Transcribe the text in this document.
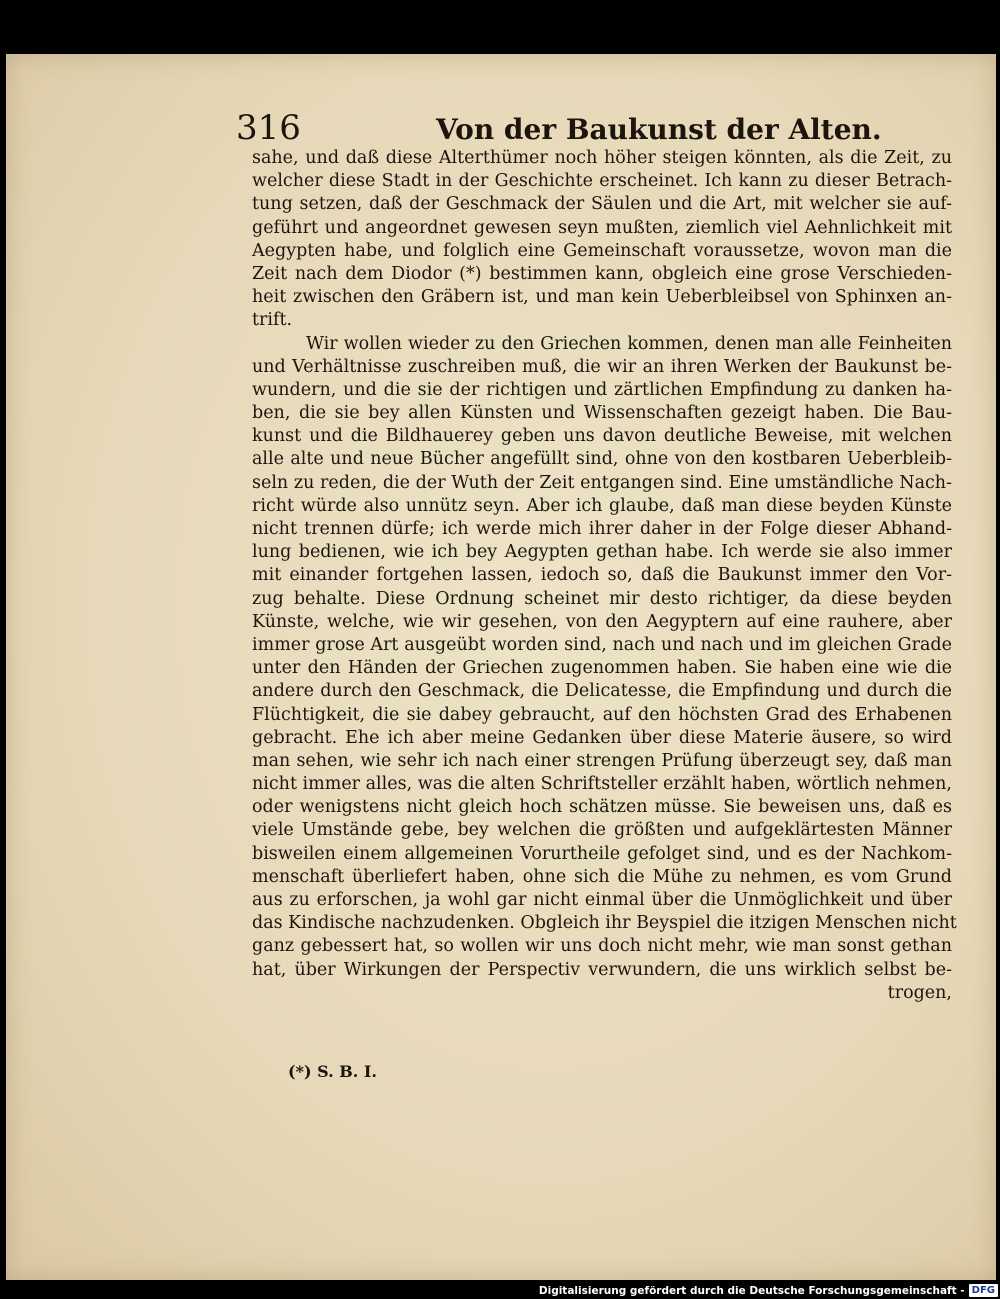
316	Von der Baukunst der Alten.
sahe, und daß diese Alterthümer noch höher steigen könnten, als die Zeit, zu
welcher diese Stadt in der Geschichte erscheinet. Ich kann zu dieser Betrach-
tung setzen, daß der Geschmack der Säulen und die Art, mit welcher sie auf-
geführt und angeordnet gewesen seyn mußten, ziemlich viel Aehnlichkeit mit
Aegypten habe, und folglich eine Gemeinschaft voraussetze, wovon man die
Zeit nach dem Diodor (*) bestimmen kann, obgleich eine grose Verschieden-
heit zwischen den Gräbern ist, und man kein Ueberbleibsel von Sphinxen an-
trift.
Wir wollen wieder zu den Griechen kommen, denen man alle Feinheiten
und Verhältnisse zuschreiben muß, die wir an ihren Werken der Baukunst be-
wundern, und die sie der richtigen und zärtlichen Empfindung zu danken ha-
ben, die sie bey allen Künsten und Wissenschaften gezeigt haben. Die Bau-
kunst und die Bildhauerey geben uns davon deutliche Beweise, mit welchen
alle alte und neue Bücher angefüllt sind, ohne von den kostbaren Ueberbleib-
seln zu reden, die der Wuth der Zeit entgangen sind. Eine umständliche Nach-
richt würde also unnütz seyn. Aber ich glaube, daß man diese beyden Künste
nicht trennen dürfe; ich werde mich ihrer daher in der Folge dieser Abhand-
lung bedienen, wie ich bey Aegypten gethan habe. Ich werde sie also immer
mit einander fortgehen lassen, iedoch so, daß die Baukunst immer den Vor-
zug behalte. Diese Ordnung scheinet mir desto richtiger, da diese beyden
Künste, welche, wie wir gesehen, von den Aegyptern auf eine rauhere, aber
immer grose Art ausgeübt worden sind, nach und nach und im gleichen Grade
unter den Händen der Griechen zugenommen haben. Sie haben eine wie die
andere durch den Geschmack, die Delicatesse, die Empfindung und durch die
Flüchtigkeit, die sie dabey gebraucht, auf den höchsten Grad des Erhabenen
gebracht. Ehe ich aber meine Gedanken über diese Materie äusere, so wird
man sehen, wie sehr ich nach einer strengen Prüfung überzeugt sey, daß man
nicht immer alles, was die alten Schriftsteller erzählt haben, wörtlich nehmen,
oder wenigstens nicht gleich hoch schätzen müsse. Sie beweisen uns, daß es
viele Umstände gebe, bey welchen die größten und aufgeklärtesten Männer
bisweilen einem allgemeinen Vorurtheile gefolget sind, und es der Nachkom-
menschaft überliefert haben, ohne sich die Mühe zu nehmen, es vom Grund
aus zu erforschen, ja wohl gar nicht einmal über die Unmöglichkeit und über
das Kindische nachzudenken. Obgleich ihr Beyspiel die itzigen Menschen nicht
ganz gebessert hat, so wollen wir uns doch nicht mehr, wie man sonst gethan
hat, über Wirkungen der Perspectiv verwundern, die uns wirklich selbst be-
trogen,
(*) S. B. I.
Digitalisierung gefördert durch die Deutsche Forschungsgemeinschaft - DFG
